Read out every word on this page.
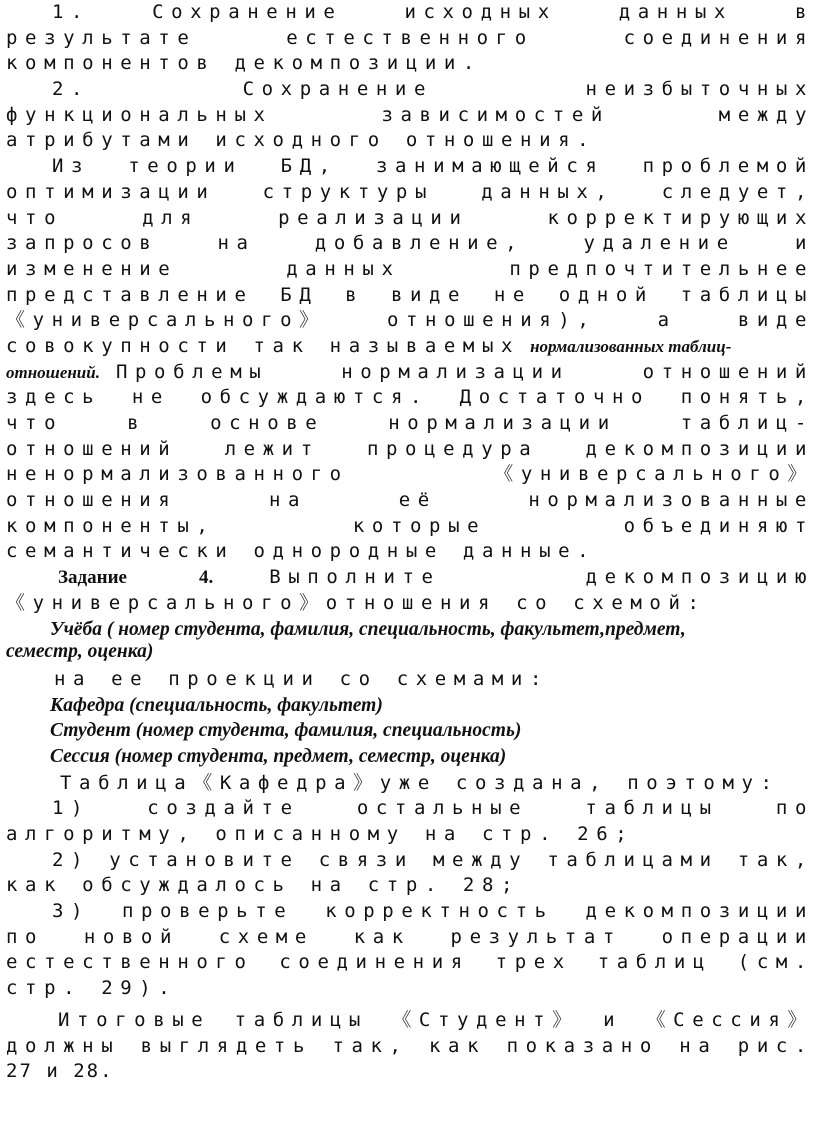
1.	Сохранение	исходных	данных	в
результате	естественного	соединения
компонентов декомпозиции.
2.	Сохранение	неизбыточных
функциональных	зависимостей	между
атрибутами исходного отношения.
Из теории БД, занимающейся проблемой
оптимизации структуры данных, следует,
что	для	реализации	корректирующих
запросов	на	добавление,	удаление	и
изменение	данных	предпочтительнее
представление БД в виде не одной таблицы
《универсального》	отношения),	а	виде
совокупности так называемых нормализованных таблиц-
отношений. Проблемы	нормализации	отношений
здесь не обсуждаются. Достаточно понять,
что	в	основе	нормализации	таблиц-
отношений лежит процедура декомпозиции
ненормализованного	《универсального》
отношения	на	её	нормализованные
компоненты,	которые	объединяют
семантически однородные данные.
Задание	4.	Выполните	декомпозицию
《универсального》отношения со схемой:
Учёба ( номер студента, фамилия, специальность, факультет,предмет,
семестр, оценка)
на ее проекции со схемами:
Кафедра (специальность, факультет)
Студент (номер студента, фамилия, специальность)
Сессия (номер студента, предмет, семестр, оценка)
Таблица《Кафедра》уже создана, поэтому:
1)	создайте	остальные	таблицы	по
алгоритму, описанному на стр. 26;
2) установите связи между таблицами так,
как обсуждалось на стр. 28;
3) проверьте корректность декомпозиции
по новой схеме как результат операции
естественного соединения трех таблиц (см.
стр. 29).
Итоговые таблицы 《Студент》 и 《Сессия》
должны выглядеть так, как показано на рис.
27 и 28.
